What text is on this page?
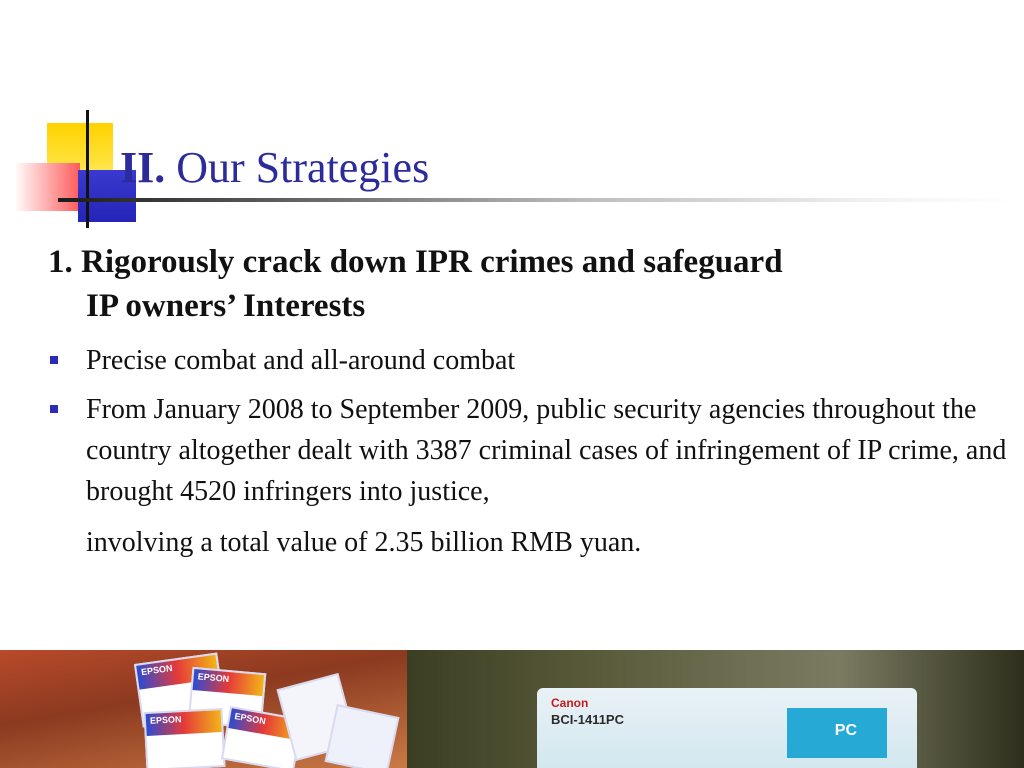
II. Our Strategies
1. Rigorously crack down IPR crimes and safeguard
IP owners’ Interests
Precise combat and all-around combat
From January 2008 to September 2009, public security agencies throughout the country altogether dealt with 3387 criminal cases of infringement of IP crime, and brought 4520 infringers into justice,
involving a total value of 2.35 billion RMB yuan.
EPSON
EPSON
EPSON	EPSON
Canon
BCI-1411PC
PC
